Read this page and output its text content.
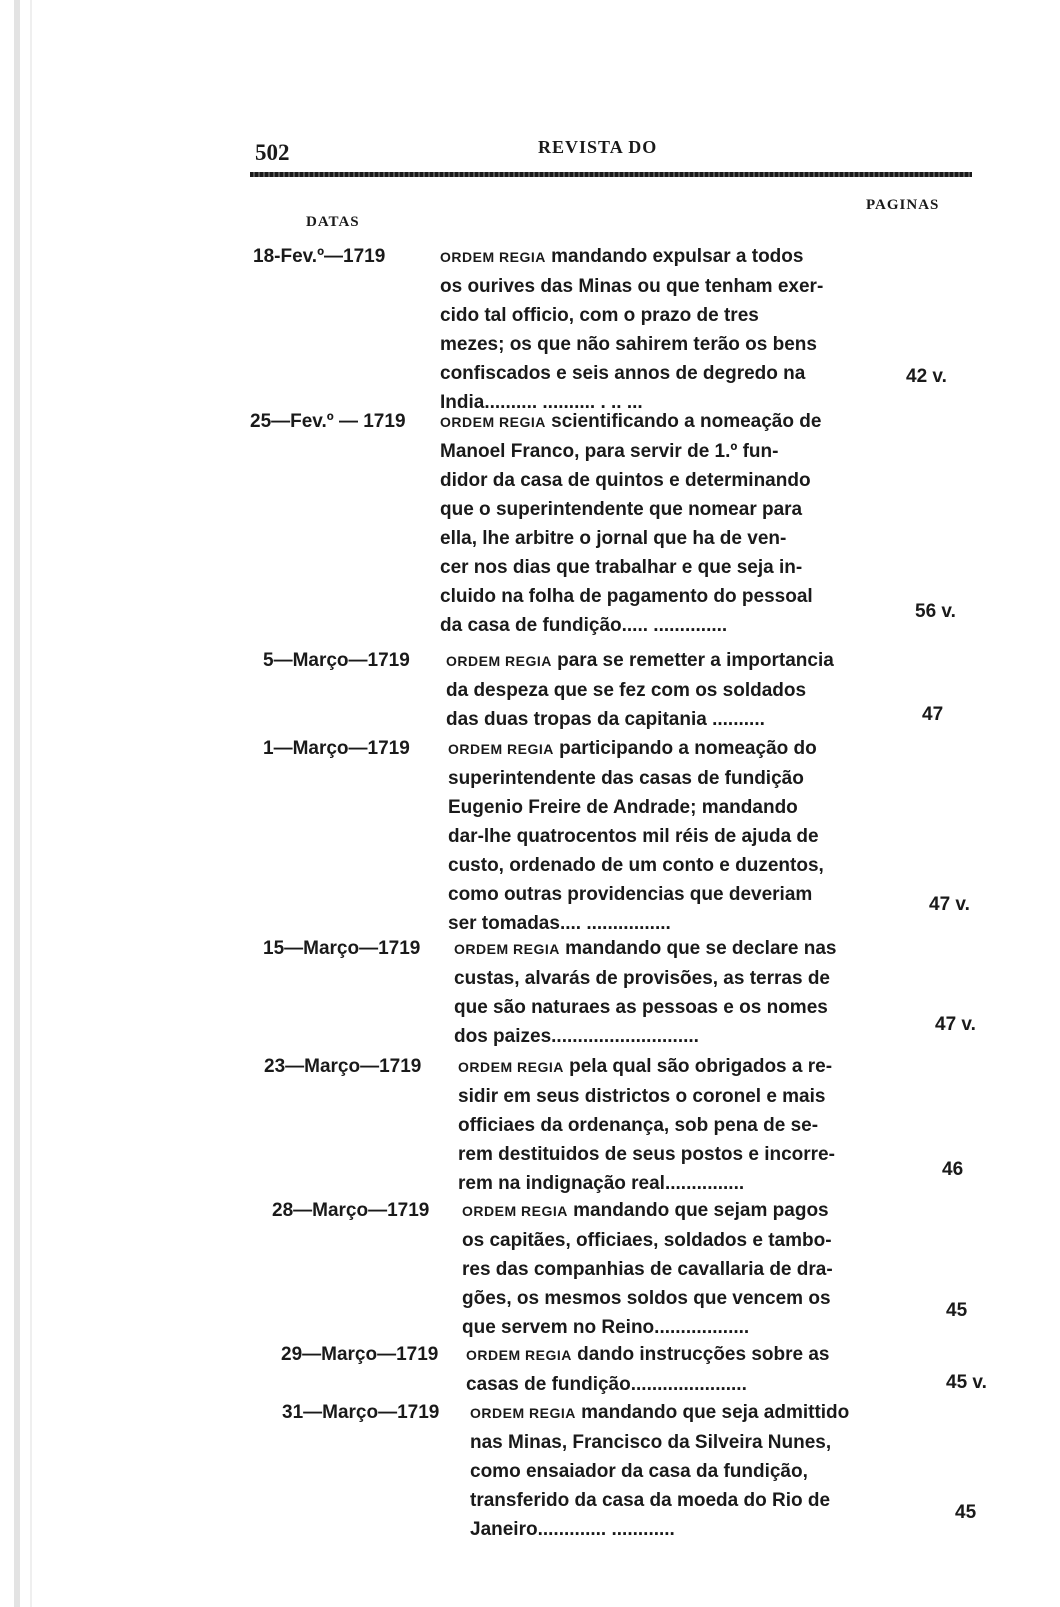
502	REVISTA DO
DATAS
PAGINAS
18-Fev.º—1719	ORDEM REGIA mandando expulsar a todos
os ourives das Minas ou que tenham exer-
cido tal officio, com o prazo de tres
mezes; os que não sahirem terão os bens
confiscados e seis annos de degredo na
India.......... .......... . .. ...
42 v.
25—Fev.º — 1719 ORDEM REGIA scientificando a nomeação de
Manoel Franco, para servir de 1.º fun-
didor da casa de quintos e determinando
que o superintendente que nomear para
ella, lhe arbitre o jornal que ha de ven-
cer nos dias que trabalhar e que seja in-
cluido na folha de pagamento do pessoal
da casa de fundição..... ..............
56 v.
5—Março—1719	ORDEM REGIA para se remetter a importancia
da despeza que se fez com os soldados
das duas tropas da capitania ..........	47
1—Março—1719	ORDEM REGIA participando a nomeação do
superintendente das casas de fundição
Eugenio Freire de Andrade; mandando
dar-lhe quatrocentos mil réis de ajuda de
custo, ordenado de um conto e duzentos,
como outras providencias que deveriam
ser tomadas.... ................
47 v.
15—Março—1719 ORDEM REGIA mandando que se declare nas
custas, alvarás de provisões, as terras de
que são naturaes as pessoas e os nomes
dos paizes............................
47 v.
23—Março—1719	ORDEM REGIA pela qual são obrigados a re-
sidir em seus districtos o coronel e mais
officiaes da ordenança, sob pena de se-
rem destituidos de seus postos e incorre-
rem na indignação real...............
46
28—Março—1719 ORDEM REGIA mandando que sejam pagos
os capitães, officiaes, soldados e tambo-
res das companhias de cavallaria de dra-
gões, os mesmos soldos que vencem os
que servem no Reino..................
45
29—Março—1719 ORDEM REGIA dando instrucções sobre as
casas de fundição......................	45 v.
31—Março—1719 ORDEM REGIA mandando que seja admittido
nas Minas, Francisco da Silveira Nunes,
como ensaiador da casa da fundição,
transferido da casa da moeda do Rio de
Janeiro............. ............
45
